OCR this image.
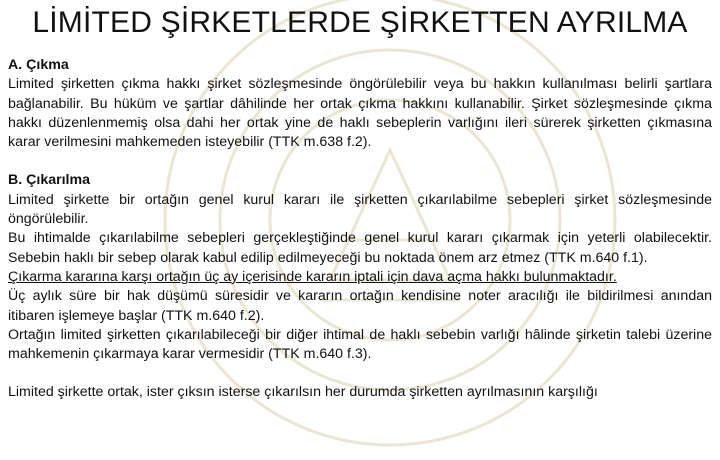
LİMİTED ŞİRKETLERDE ŞİRKETTEN AYRILMA

A. Çıkma

Limited şirketten çıkma hakkı şirket sözleşmesinde öngörülebilir veya bu hakkın kullanılması belirli şartlara bağlanabilir. Bu hüküm ve şartlar dâhilinde her ortak çıkma hakkını kullanabilir. Şirket sözleşmesinde çıkma hakkı düzenlenmemiş olsa dahi her ortak yine de haklı sebeplerin varlığını ileri sürerek şirketten çıkmasına karar verilmesini mahkemeden isteyebilir (TTK m.638 f.2).

B. Çıkarılma

Limited şirkette bir ortağın genel kurul kararı ile şirketten çıkarılabilme sebepleri şirket sözleşmesinde öngörülebilir.

Bu ihtimalde çıkarılabilme sebepleri gerçekleştiğinde genel kurul kararı çıkarmak için yeterli olabilecektir. Sebebin haklı bir sebep olarak kabul edilip edilmeyeceği bu noktada önem arz etmez (TTK m.640 f.1).

Çıkarma kararına karşı ortağın üç ay içerisinde kararın iptali için dava açma hakkı bulunmaktadır.

Üç aylık süre bir hak düşümü süresidir ve kararın ortağın kendisine noter aracılığı ile bildirilmesi anından itibaren işlemeye başlar (TTK m.640 f.2).

Ortağın limited şirketten çıkarılabileceği bir diğer ihtimal de haklı sebebin varlığı hâlinde şirketin talebi üzerine mahkemenin çıkarmaya karar vermesidir (TTK m.640 f.3).

Limited şirkette ortak, ister çıksın isterse çıkarılsın her durumda şirketten ayrılmasının karşılığı
